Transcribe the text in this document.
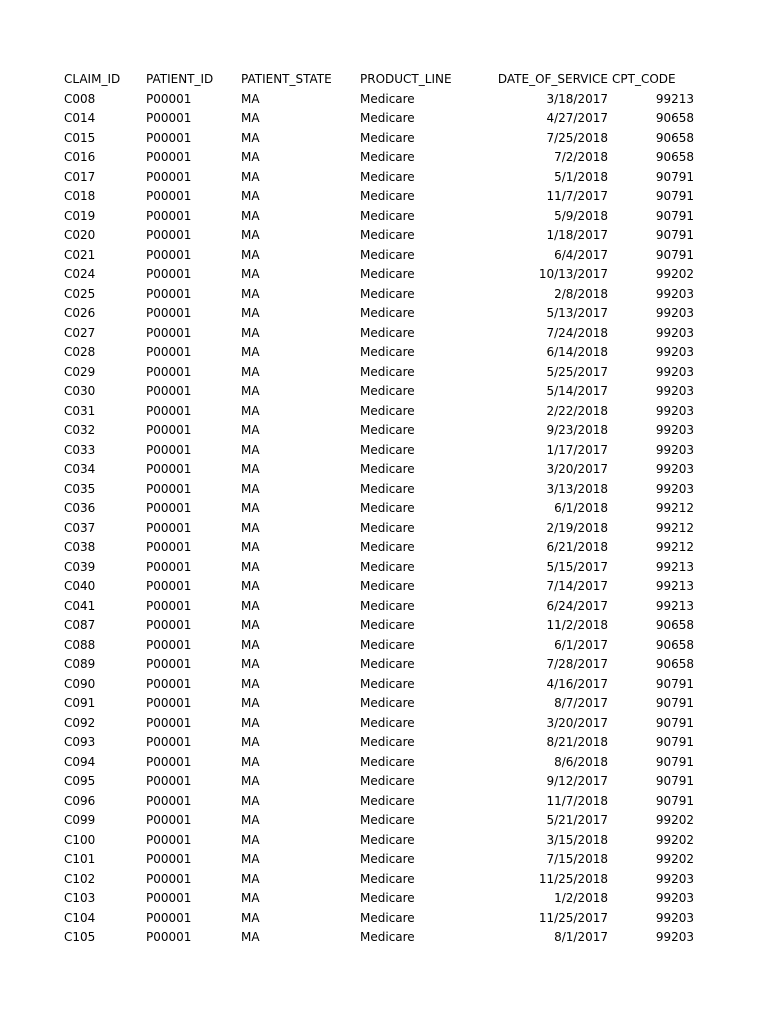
CLAIM_ID	PATIENT_ID	PATIENT_STATE	PRODUCT_LINE	DATE_OF_SERVICE	CPT_CODE
C008	P00001	MA	Medicare	3/18/2017	99213
C014	P00001	MA	Medicare	4/27/2017	90658
C015	P00001	MA	Medicare	7/25/2018	90658
C016	P00001	MA	Medicare	7/2/2018	90658
C017	P00001	MA	Medicare	5/1/2018	90791
C018	P00001	MA	Medicare	11/7/2017	90791
C019	P00001	MA	Medicare	5/9/2018	90791
C020	P00001	MA	Medicare	1/18/2017	90791
C021	P00001	MA	Medicare	6/4/2017	90791
C024	P00001	MA	Medicare	10/13/2017	99202
C025	P00001	MA	Medicare	2/8/2018	99203
C026	P00001	MA	Medicare	5/13/2017	99203
C027	P00001	MA	Medicare	7/24/2018	99203
C028	P00001	MA	Medicare	6/14/2018	99203
C029	P00001	MA	Medicare	5/25/2017	99203
C030	P00001	MA	Medicare	5/14/2017	99203
C031	P00001	MA	Medicare	2/22/2018	99203
C032	P00001	MA	Medicare	9/23/2018	99203
C033	P00001	MA	Medicare	1/17/2017	99203
C034	P00001	MA	Medicare	3/20/2017	99203
C035	P00001	MA	Medicare	3/13/2018	99203
C036	P00001	MA	Medicare	6/1/2018	99212
C037	P00001	MA	Medicare	2/19/2018	99212
C038	P00001	MA	Medicare	6/21/2018	99212
C039	P00001	MA	Medicare	5/15/2017	99213
C040	P00001	MA	Medicare	7/14/2017	99213
C041	P00001	MA	Medicare	6/24/2017	99213
C087	P00001	MA	Medicare	11/2/2018	90658
C088	P00001	MA	Medicare	6/1/2017	90658
C089	P00001	MA	Medicare	7/28/2017	90658
C090	P00001	MA	Medicare	4/16/2017	90791
C091	P00001	MA	Medicare	8/7/2017	90791
C092	P00001	MA	Medicare	3/20/2017	90791
C093	P00001	MA	Medicare	8/21/2018	90791
C094	P00001	MA	Medicare	8/6/2018	90791
C095	P00001	MA	Medicare	9/12/2017	90791
C096	P00001	MA	Medicare	11/7/2018	90791
C099	P00001	MA	Medicare	5/21/2017	99202
C100	P00001	MA	Medicare	3/15/2018	99202
C101	P00001	MA	Medicare	7/15/2018	99202
C102	P00001	MA	Medicare	11/25/2018	99203
C103	P00001	MA	Medicare	1/2/2018	99203
C104	P00001	MA	Medicare	11/25/2017	99203
C105	P00001	MA	Medicare	8/1/2017	99203
